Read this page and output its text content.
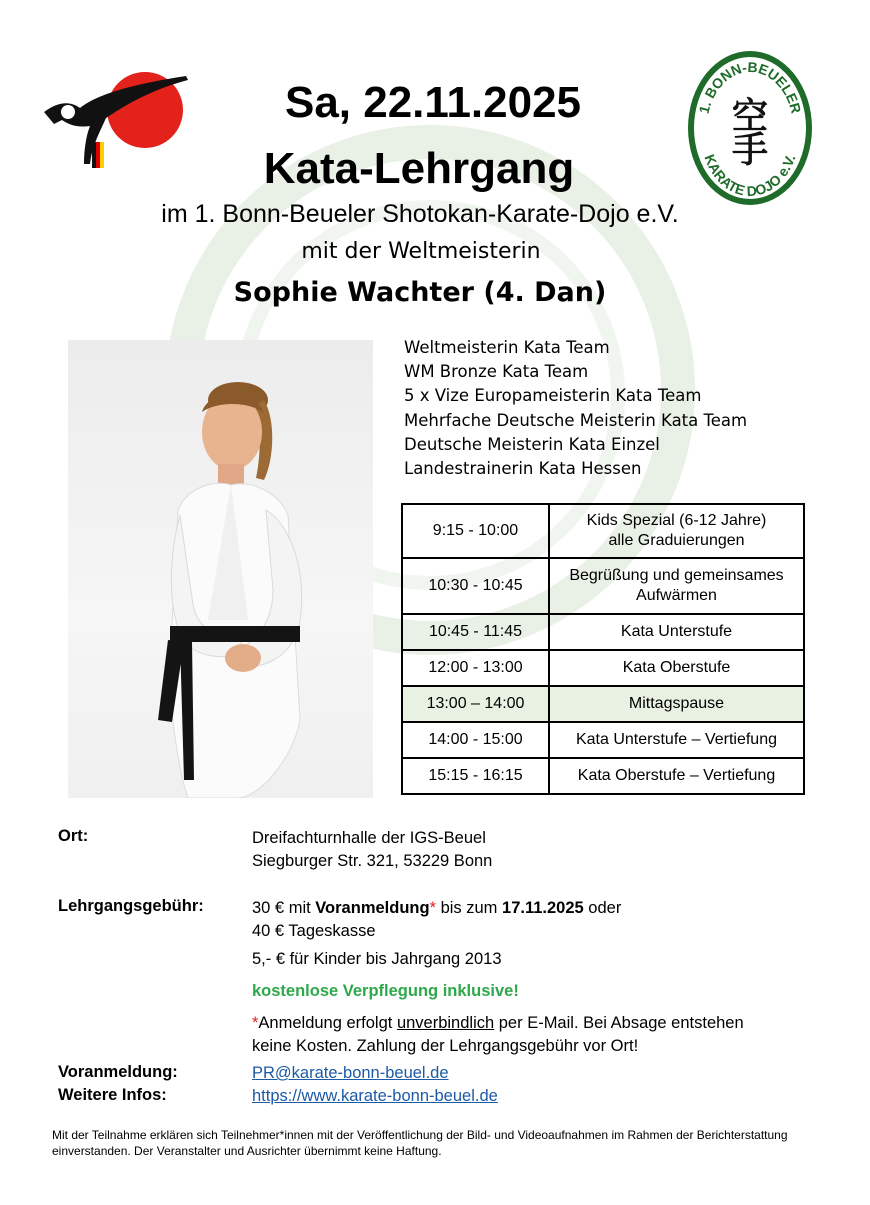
1. BONN-BEUELER
KARATE DOJO e.V.
空
手
Sa, 22.11.2025
Kata-Lehrgang
im 1. Bonn-Beueler Shotokan-Karate-Dojo e.V.
mit der Weltmeisterin
Sophie Wachter (4. Dan)
Weltmeisterin Kata Team
WM Bronze Kata Team
5 x Vize Europameisterin Kata Team
Mehrfache Deutsche Meisterin Kata Team
Deutsche Meisterin Kata Einzel
Landestrainerin Kata Hessen
9:15 - 10:00	Kids Spezial (6-12 Jahre)
alle Graduierungen
10:30 - 10:45	Begrüßung und gemeinsames
Aufwärmen
10:45 - 11:45	Kata Unterstufe
12:00 - 13:00	Kata Oberstufe
13:00 – 14:00	Mittagspause
14:00 - 15:00	Kata Unterstufe – Vertiefung
15:15 - 16:15	Kata Oberstufe – Vertiefung
Ort:	Dreifachturnhalle der IGS-Beuel
Siegburger Str. 321, 53229 Bonn
Lehrgangsgebühr:	30 € mit Voranmeldung* bis zum 17.11.2025 oder
40 € Tageskasse
5,- € für Kinder bis Jahrgang 2013
kostenlose Verpflegung inklusive!
*Anmeldung erfolgt unverbindlich per E-Mail. Bei Absage entstehen
keine Kosten. Zahlung der Lehrgangsgebühr vor Ort!
Voranmeldung:	PR@karate-bonn-beuel.de
Weitere Infos:	https://www.karate-bonn-beuel.de
Mit der Teilnahme erklären sich Teilnehmer*innen mit der Veröffentlichung der Bild- und Videoaufnahmen im Rahmen der Berichterstattung einverstanden. Der Veranstalter und Ausrichter übernimmt keine Haftung.
